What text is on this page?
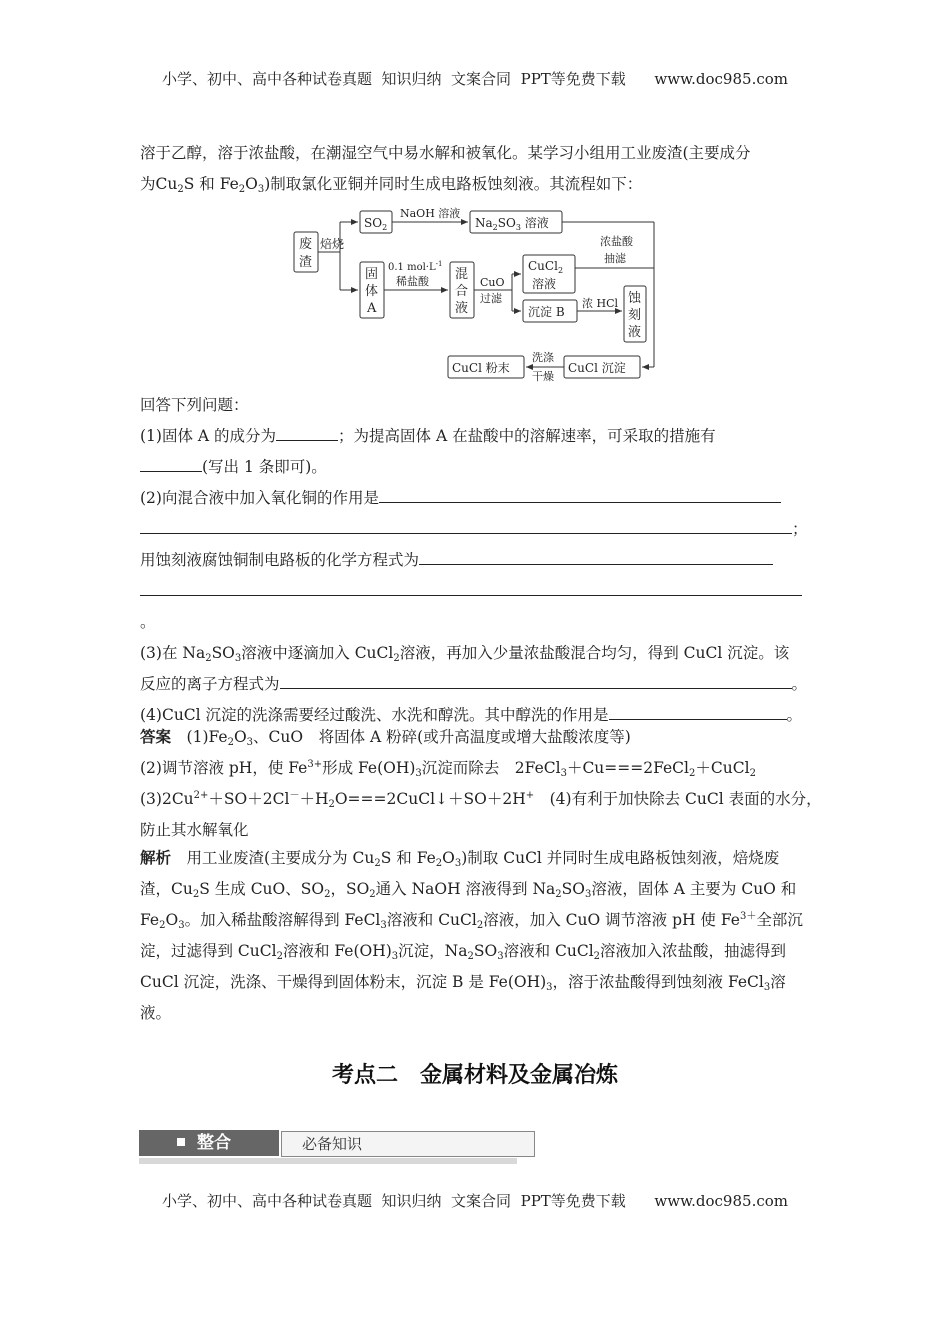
小学、初中、高中各种试卷真题  知识归纳  文案合同  PPT等免费下载      www.doc985.com
溶于乙醇，溶于浓盐酸，在潮湿空气中易水解和被氧化。某学习小组用工业废渣(主要成分
为$Cu_2S$ 和 $Fe_2O_3$)制取氯化亚铜并同时生成电路板蚀刻液。其流程如下：
废
渣
焙烧
$SO_2$
NaOH 溶液
$Na_2SO_3$ 溶液
0.1 $mol\cdot L^{-1}$
稀盐酸
固
体
A
混
合
液
CuO
过滤
CuCl$_2$
溶液
沉淀 B
浓 HCl 蚀
刻
液
浓盐酸
抽滤
CuCl 沉淀
洗涤
干燥
CuCl 粉末
回答下列问题：
(1)固体 A 的成分为	；为提高固体 A 在盐酸中的溶解速率，可采取的措施有
(写出 1 条即可)。
(2)向混合液中加入氧化铜的作用是
；
用蚀刻液腐蚀铜制电路板的化学方程式为
。
(3)在 $Na_2SO_3$溶液中逐滴加入 CuCl$_2$溶液，再加入少量浓盐酸混合均匀，得到 CuCl 沉淀。该
反应的离子方程式为	。
(4)CuCl 沉淀的洗涤需要经过酸洗、水洗和醇洗。其中醇洗的作用是	。
答案　 $(1)Fe_2O_3$、CuO　将固体 A 粉碎(或升高温度或增大盐酸浓度等)
(2)调节溶液 pH，使 $Fe^{3+}$形成 $Fe(OH)_3$沉淀而除去　2FeCl$_3$＋Cu===2FeCl$_2$＋CuCl$_2$
$(3)2Cu^{2+}+SO+2Cl^-+H_2O===2CuCl↓+SO+2H^+$　(4)有利于加快除去 CuCl 表面的水分，
防止其水解氧化
解析　用工业废渣(主要成分为 $Cu_2S$ 和 $Fe_2O_3$)制取 CuCl 并同时生成电路板蚀刻液，焙烧废
渣，$Cu_2S$ 生成 CuO、$SO_2$，$SO_2$通入 NaOH 溶液得到 $Na_2SO_3$溶液，固体 A 主要为 CuO 和
$Fe_2O_3$。加入稀盐酸溶解得到 FeCl$_3$溶液和 CuCl$_2$溶液，加入 CuO 调节溶液 pH 使 $Fe^{3+}$全部沉
淀，过滤得到 CuCl$_2$溶液和 $Fe(OH)_3$沉淀，$Na_2SO_3$溶液和 CuCl$_2$溶液加入浓盐酸，抽滤得到
CuCl 沉淀，洗涤、干燥得到固体粉末，沉淀 B 是 $Fe(OH)_3$，溶于浓盐酸得到蚀刻液 FeCl$_3$溶
液。
考点二　金属材料及金属冶炼
整合	必备知识
小学、初中、高中各种试卷真题  知识归纳  文案合同  PPT等免费下载      www.doc985.com
